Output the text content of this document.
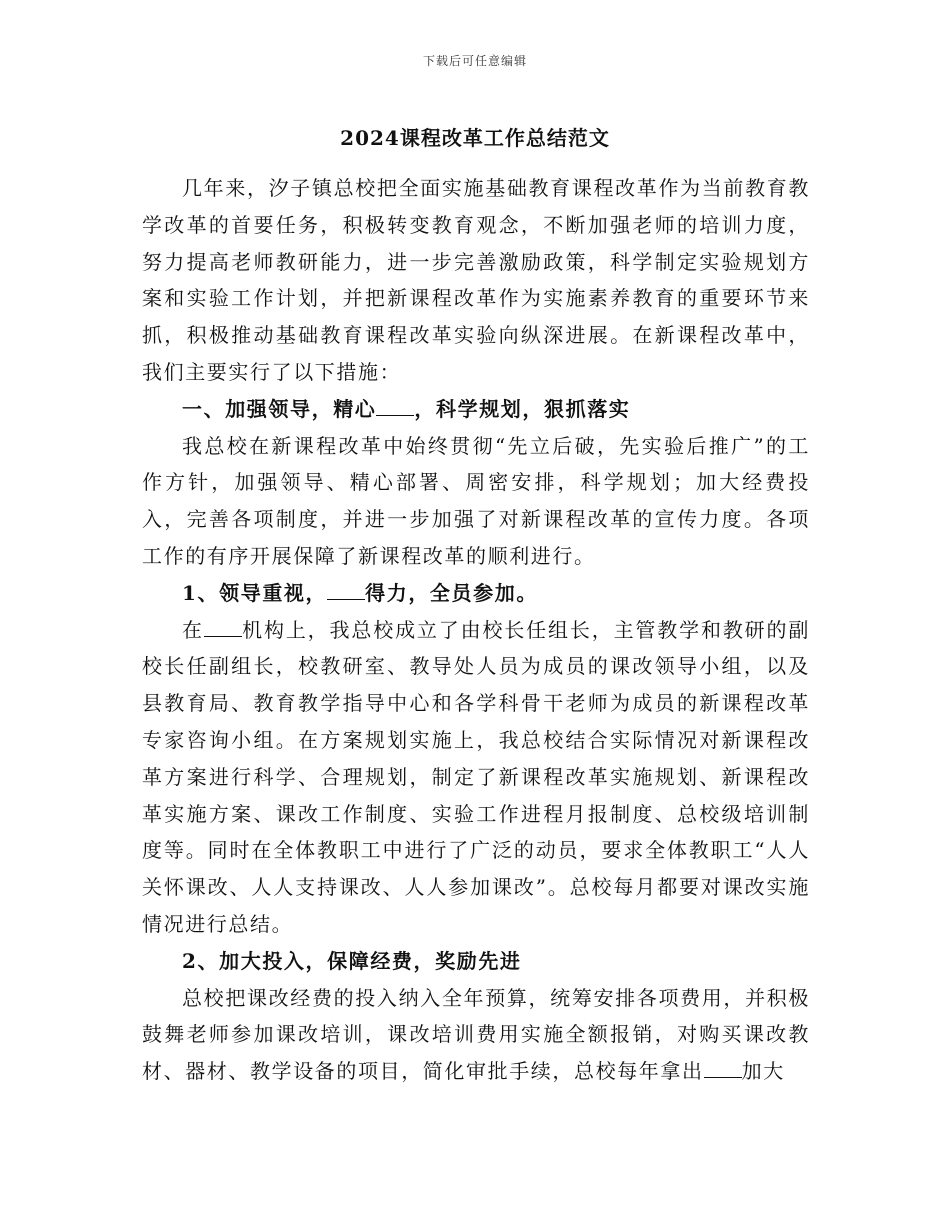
下载后可任意编辑
2024课程改革工作总结范文

几年来，汐子镇总校把全面实施基础教育课程改革作为当前教育教学改革的首要任务，积极转变教育观念，不断加强老师的培训力度，努力提高老师教研能力，进一步完善激励政策，科学制定实验规划方案和实验工作计划，并把新课程改革作为实施素养教育的重要环节来抓，积极推动基础教育课程改革实验向纵深进展。在新课程改革中，我们主要实行了以下措施：

一、加强领导，精心 ，科学规划，狠抓落实

我总校在新课程改革中始终贯彻“先立后破，先实验后推广”的工作方针，加强领导、精心部署、周密安排，科学规划；加大经费投入，完善各项制度，并进一步加强了对新课程改革的宣传力度。各项工作的有序开展保障了新课程改革的顺利进行。

1、领导重视， 得力，全员参加。

在 机构上，我总校成立了由校长任组长，主管教学和教研的副校长任副组长，校教研室、教导处人员为成员的课改领导小组，以及县教育局、教育教学指导中心和各学科骨干老师为成员的新课程改革专家咨询小组。在方案规划实施上，我总校结合实际情况对新课程改革方案进行科学、合理规划，制定了新课程改革实施规划、新课程改革实施方案、课改工作制度、实验工作进程月报制度、总校级培训制度等。同时在全体教职工中进行了广泛的动员，要求全体教职工“人人关怀课改、人人支持课改、人人参加课改”。总校每月都要对课改实施情况进行总结。

2、加大投入，保障经费，奖励先进

总校把课改经费的投入纳入全年预算，统筹安排各项费用，并积极鼓舞老师参加课改培训，课改培训费用实施全额报销，对购买课改教材、器材、教学设备的项目，简化审批手续，总校每年拿出 加大
